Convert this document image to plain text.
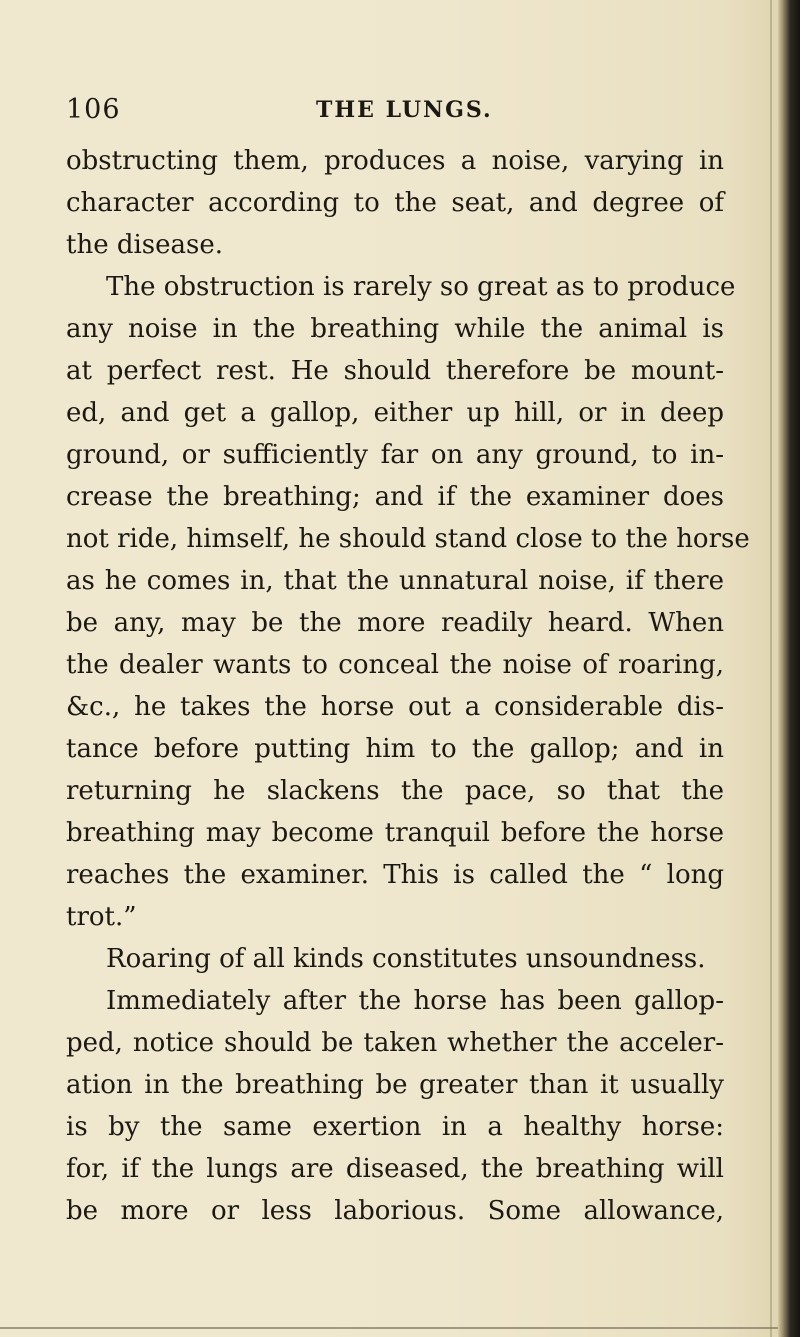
106	THE LUNGS.
obstructing them, produces a noise, varying in
character according to the seat, and degree of
the disease.
The obstruction is rarely so great as to produce
any noise in the breathing while the animal is
at perfect rest. He should therefore be mount-
ed, and get a gallop, either up hill, or in deep
ground, or sufficiently far on any ground, to in-
crease the breathing; and if the examiner does
not ride, himself, he should stand close to the horse
as he comes in, that the unnatural noise, if there
be any, may be the more readily heard. When
the dealer wants to conceal the noise of roaring,
&c., he takes the horse out a considerable dis-
tance before putting him to the gallop; and in
returning he slackens the pace, so that the
breathing may become tranquil before the horse
reaches the examiner. This is called the “ long
trot.”
Roaring of all kinds constitutes unsoundness.
Immediately after the horse has been gallop-
ped, notice should be taken whether the acceler-
ation in the breathing be greater than it usually
is by the same exertion in a healthy horse:
for, if the lungs are diseased, the breathing will
be more or less laborious. Some allowance,
